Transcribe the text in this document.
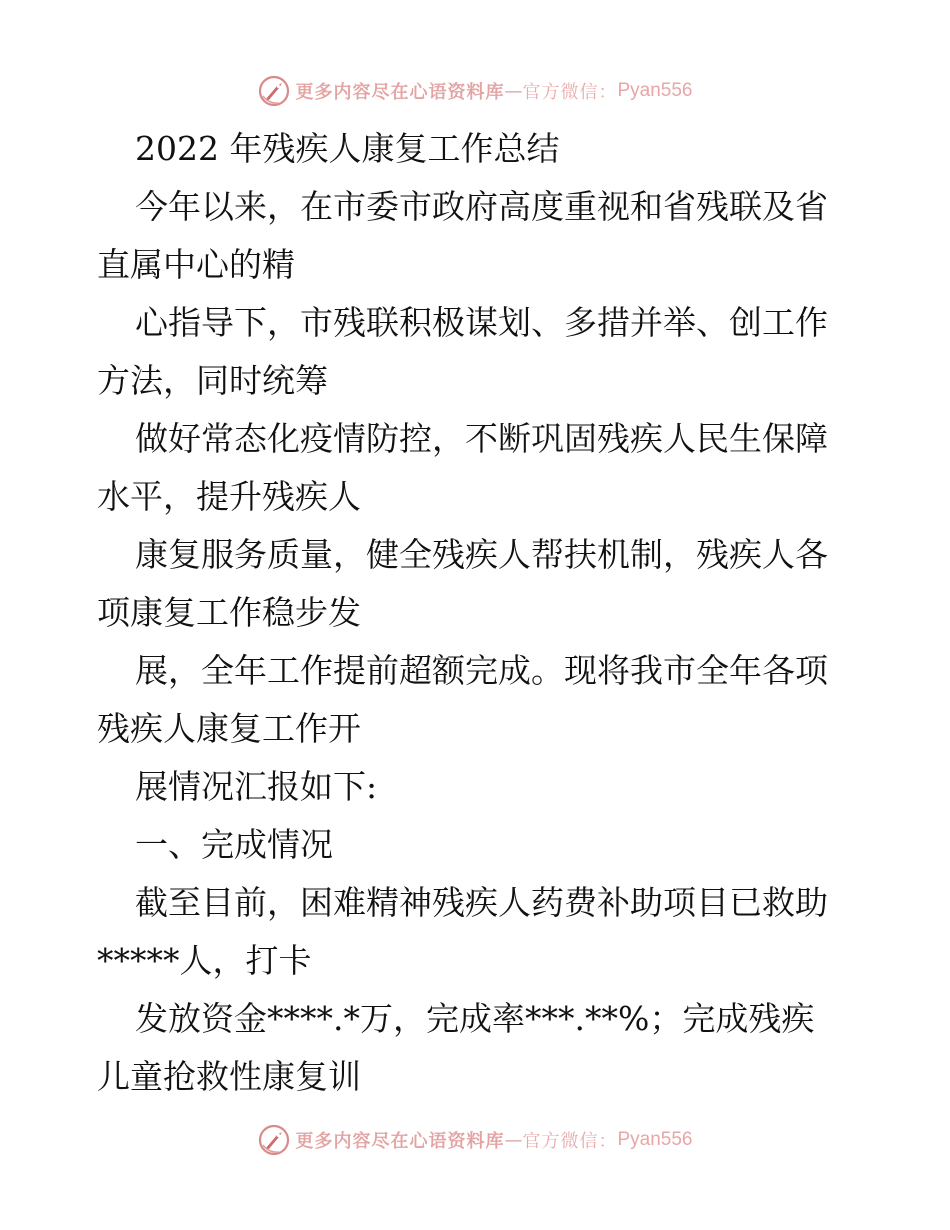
更多内容尽在心语资料库 — 官方微信： Pyan556
2022 年残疾人康复工作总结
今年以来，在市委市政府高度重视和省残联及省
直属中心的精
心指导下，市残联积极谋划、多措并举、创工作
方法，同时统筹
做好常态化疫情防控，不断巩固残疾人民生保障
水平，提升残疾人
康复服务质量，健全残疾人帮扶机制，残疾人各
项康复工作稳步发
展，全年工作提前超额完成。现将我市全年各项
残疾人康复工作开
展情况汇报如下:
一、完成情况
截至目前，困难精神残疾人药费补助项目已救助
*****人，打卡
发放资金****.*万，完成率***.**%；完成残疾
儿童抢救性康复训
更多内容尽在心语资料库 — 官方微信： Pyan556
